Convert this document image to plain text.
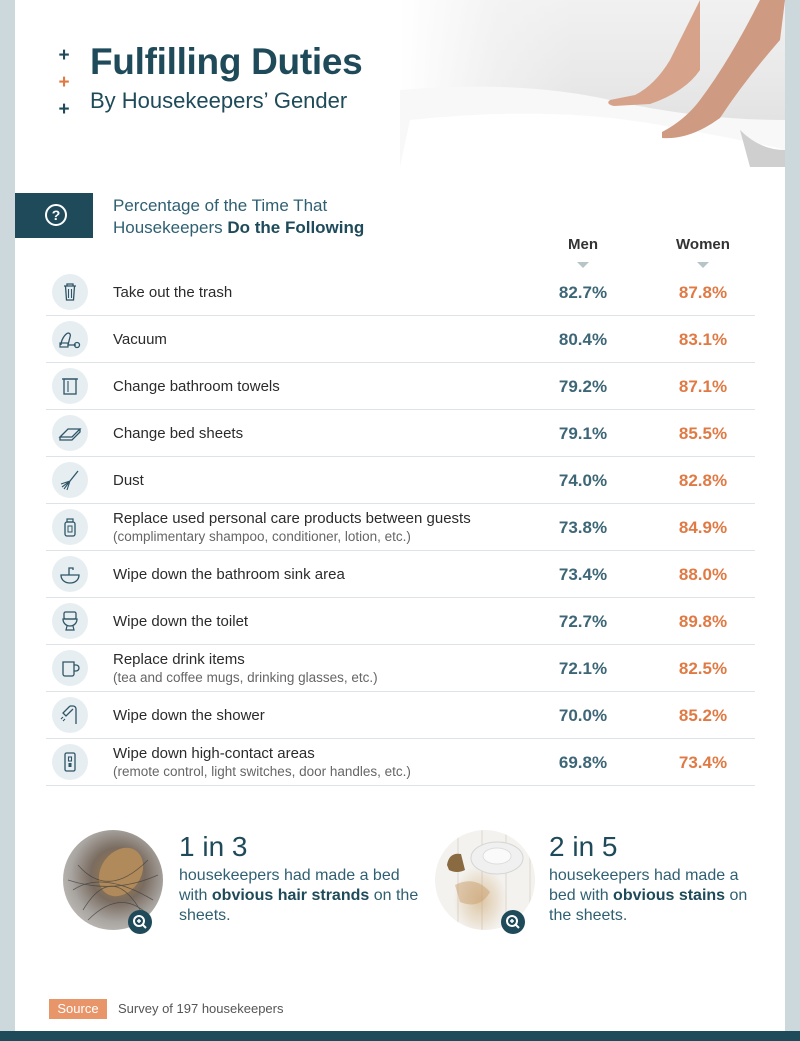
+
+
+
Fulfilling Duties
By Housekeepers’ Gender
?	Percentage of the Time That
Housekeepers Do the Following
Men	Women
Take out the trash	82.7%	87.8%
Vacuum	80.4%	83.1%
Change bathroom towels	79.2%	87.1%
Change bed sheets	79.1%	85.5%
Dust	74.0%	82.8%
Replace used personal care products between guests
(complimentary shampoo, conditioner, lotion, etc.)	73.8%	84.9%
Wipe down the bathroom sink area	73.4%	88.0%
Wipe down the toilet	72.7%	89.8%
Replace drink items
(tea and coffee mugs, drinking glasses, etc.)	72.1%	82.5%
Wipe down the shower	70.0%	85.2%
Wipe down high-contact areas
(remote control, light switches, door handles, etc.)	69.8%	73.4%
1 in 3
housekeepers had made a bed with obvious hair strands on the sheets.
2 in 5
housekeepers had made a bed with obvious stains on the sheets.
Source	Survey of 197 housekeepers
